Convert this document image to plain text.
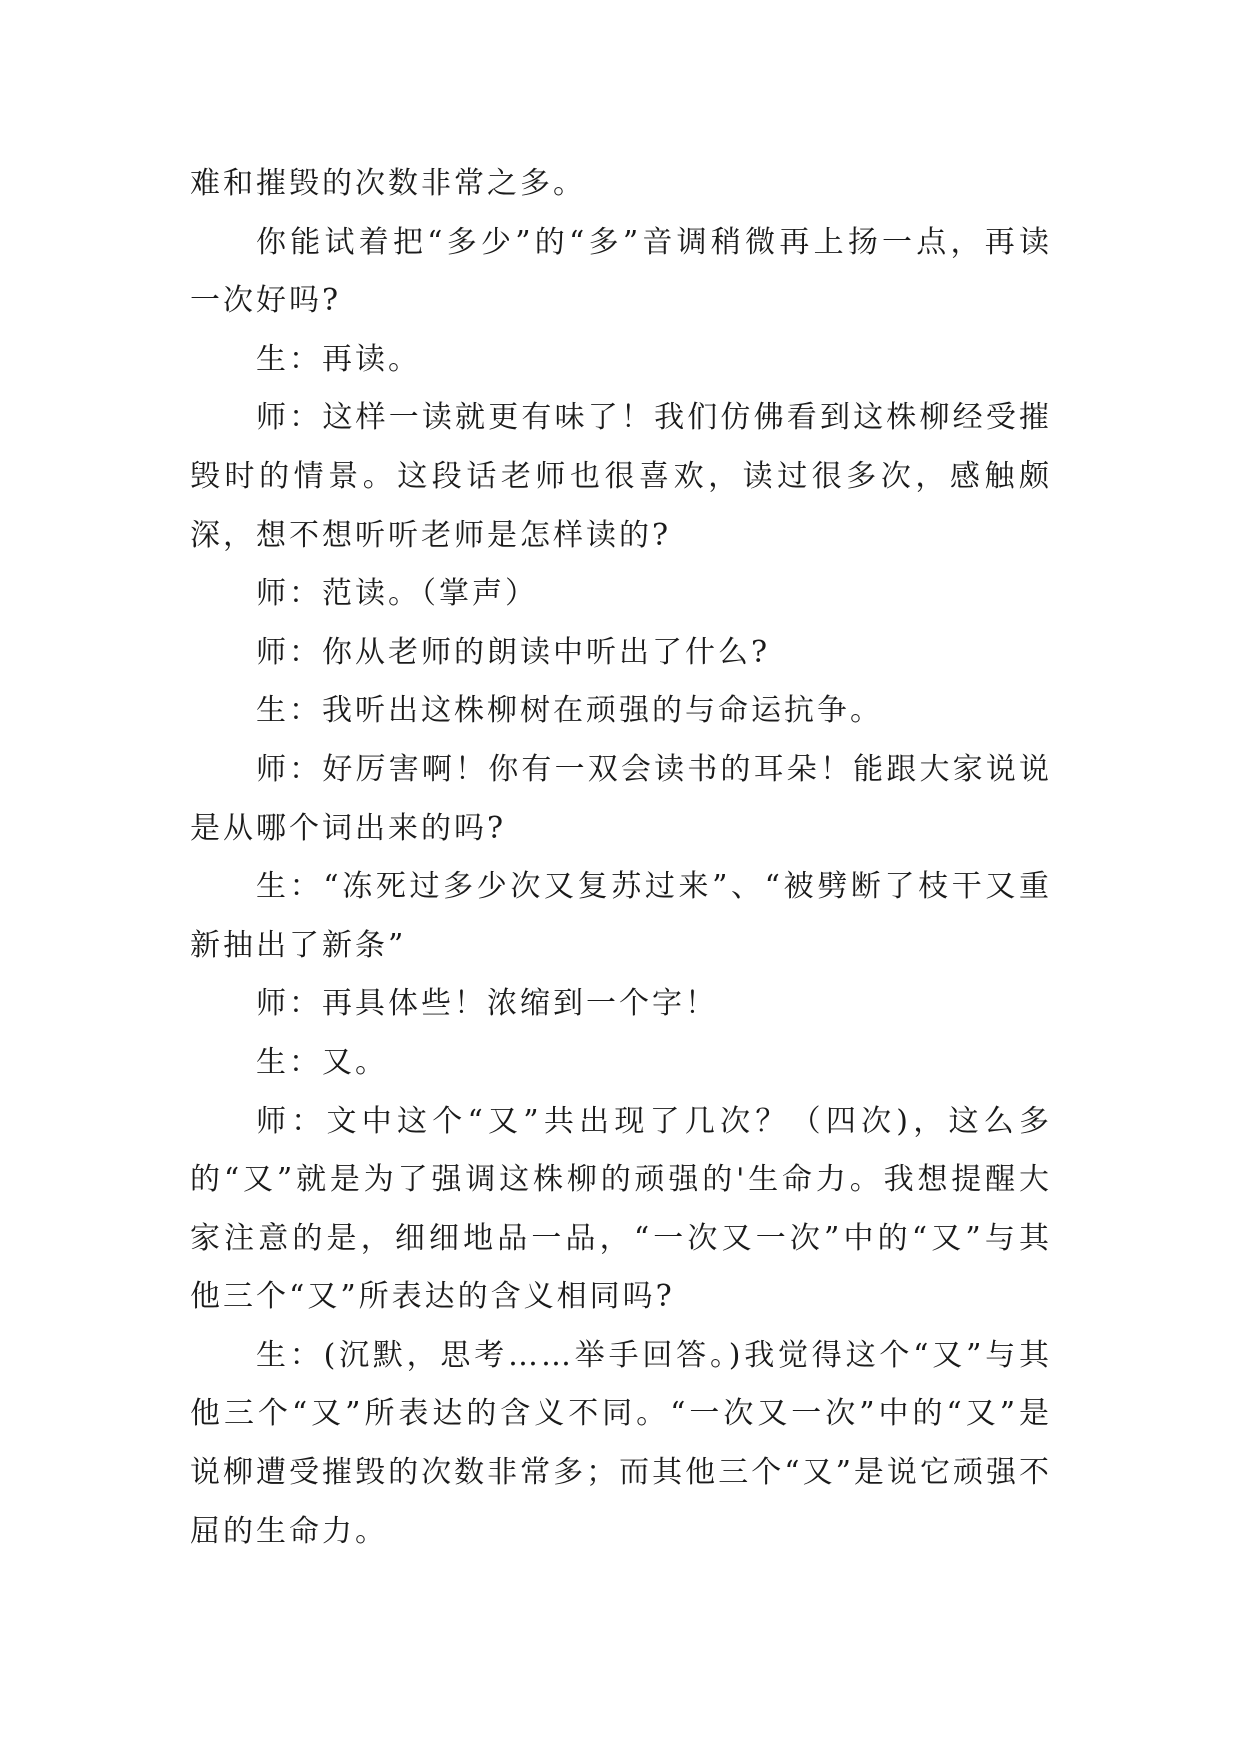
难和摧毁的次数非常之多。

你能试着把“多少”的“多”音调稍微再上扬一点，再读一次好吗?

生：再读。

师：这样一读就更有味了！我们仿佛看到这株柳经受摧毁时的情景。这段话老师也很喜欢，读过很多次，感触颇深，想不想听听老师是怎样读的?

师：范读。（掌声）

师：你从老师的朗读中听出了什么?

生：我听出这株柳树在顽强的与命运抗争。

师：好厉害啊！你有一双会读书的耳朵！能跟大家说说是从哪个词出来的吗?

生：“冻死过多少次又复苏过来”、“被劈断了枝干又重新抽出了新条”

师：再具体些！浓缩到一个字！

生：又。

师：文中这个“又”共出现了几次？（四次)，这么多的“又”就是为了强调这株柳的顽强的'生命力。我想提醒大家注意的是，细细地品一品，“一次又一次”中的“又”与其他三个“又”所表达的含义相同吗?

生：(沉默，思考……举手回答。)我觉得这个“又”与其他三个“又”所表达的含义不同。“一次又一次”中的“又”是说柳遭受摧毁的次数非常多；而其他三个“又”是说它顽强不屈的生命力。
